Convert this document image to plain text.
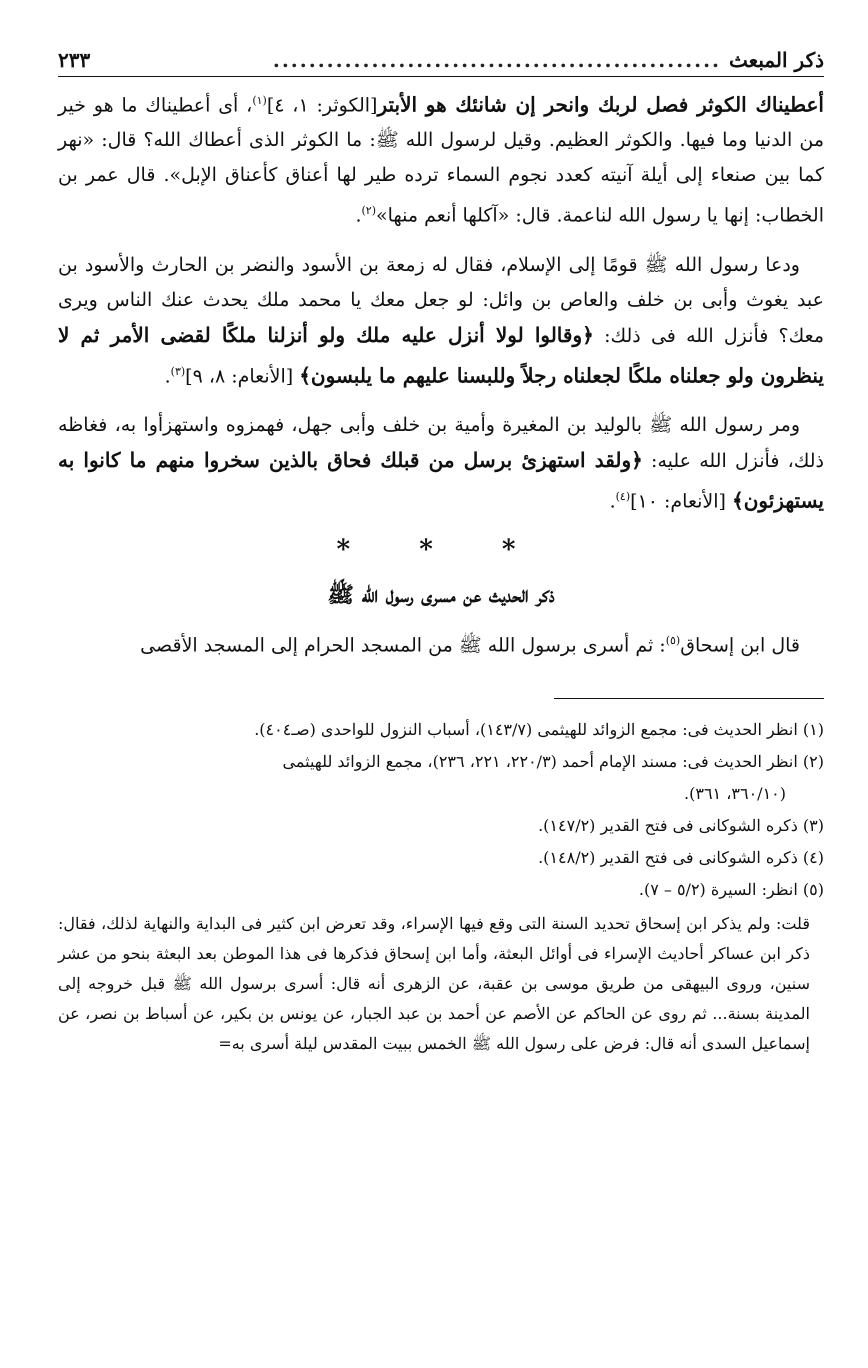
ذكر المبعث
..................................................
٢٣٣

أعطيناك الكوثر فصل لربك وانحر إن شانئك هو الأبتر[الكوثر: ١، ٤]$^{(١)}$، أى أعطيناك ما هو خير من الدنيا وما فيها. والكوثر العظيم. وقيل لرسول الله ﷺ: ما الكوثر الذى أعطاك الله؟ قال: «نهر كما بين صنعاء إلى أيلة آنيته كعدد نجوم السماء ترده طير لها أعناق كأعناق الإبل». قال عمر بن الخطاب: إنها يا رسول الله لناعمة. قال: «آكلها أنعم منها»$^{(٢)}$.

ودعا رسول الله ﷺ قومًا إلى الإسلام، فقال له زمعة بن الأسود والنضر بن الحارث والأسود بن عبد يغوث وأبى بن خلف والعاص بن وائل: لو جعل معك يا محمد ملك يحدث عنك الناس ويرى معك؟ فأنزل الله فى ذلك: ﴿وقالوا لولا أنزل عليه ملك ولو أنزلنا ملكًا لقضى الأمر ثم لا ينظرون ولو جعلناه ملكًا لجعلناه رجلاً وللبسنا عليهم ما يلبسون﴾ [الأنعام: ٨، ٩]$^{(٣)}$.

ومر رسول الله ﷺ بالوليد بن المغيرة وأمية بن خلف وأبى جهل، فهمزوه واستهزأوا به، فغاظه ذلك، فأنزل الله عليه: ﴿ولقد استهزئ برسل من قبلك فحاق بالذين سخروا منهم ما كانوا به يستهزئون﴾ [الأنعام: ١٠]$^{(٤)}$.

* * *
ذكر الحديث عن مسرى رسول الله ﷺ

قال ابن إسحاق$^{(٥)}$: ثم أسرى برسول الله ﷺ من المسجد الحرام إلى المسجد الأقصى

(١) انظر الحديث فى: مجمع الزوائد للهيثمى (١٤٣/٧)، أسباب النزول للواحدى (صـ٤٠٤).

(٢) انظر الحديث فى: مسند الإمام أحمد (٢٢٠/٣، ٢٢١، ٢٣٦)، مجمع الزوائد للهيثمى

(٣٦٠/١٠، ٣٦١).

(٣) ذكره الشوكانى فى فتح القدير (١٤٧/٢).

(٤) ذكره الشوكانى فى فتح القدير (١٤٨/٢).

(٥) انظر: السيرة (٥/٢ – ٧).

قلت: ولم يذكر ابن إسحاق تحديد السنة التى وقع فيها الإسراء، وقد تعرض ابن كثير فى البداية والنهاية لذلك، فقال: ذكر ابن عساكر أحاديث الإسراء فى أوائل البعثة، وأما ابن إسحاق فذكرها فى هذا الموطن بعد البعثة بنحو من عشر سنين، وروى البيهقى من طريق موسى بن عقبة، عن الزهرى أنه قال: أسرى برسول الله ﷺ قبل خروجه إلى المدينة بسنة... ثم روى عن الحاكم عن الأصم عن أحمد بن عبد الجبار، عن يونس بن بكير، عن أسباط بن نصر، عن إسماعيل السدى أنه قال: فرض على رسول الله ﷺ الخمس ببيت المقدس ليلة أسرى به=
